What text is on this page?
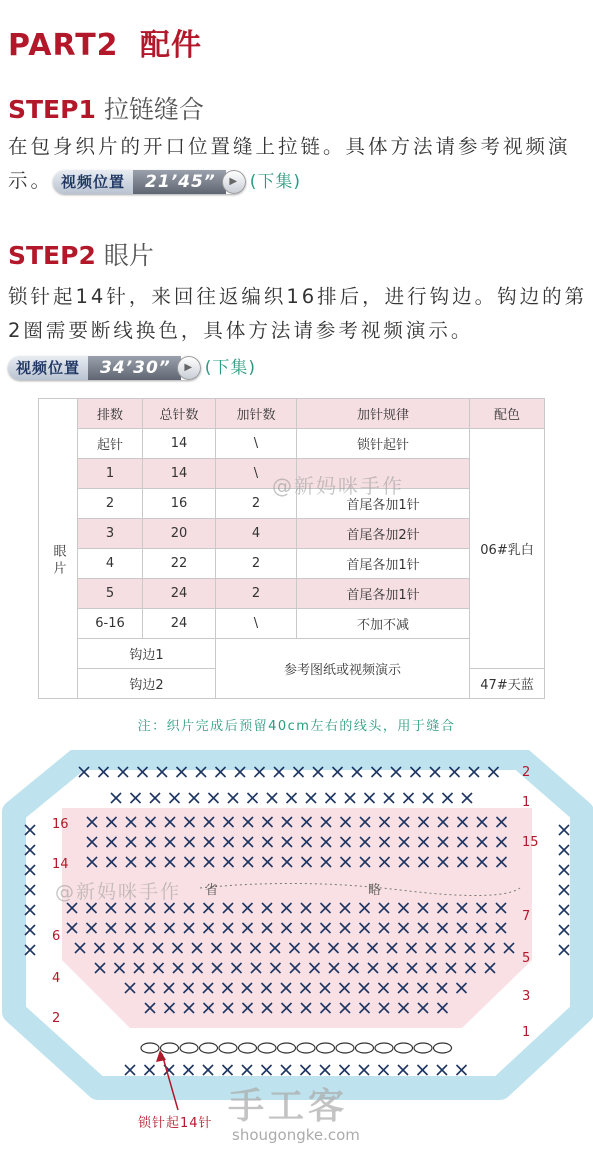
PART2 配件
STEP1 拉链缝合
在包身织片的开口位置缝上拉链。具体方法请参考视频演示。 视频位置	21’45”	▶ (下集)
STEP2 眼片
锁针起14针，来回往返编织16排后，进行钩边。钩边的第2圈需要断线换色，具体方法请参考视频演示。
视频位置	34’30”	▶ (下集)
	排数	总针数	加针数	加针规律	配色
眼片	起针	14	\	锁针起针	06#乳白
	1	14	\		
	2	16	2	首尾各加1针	
	3	20	4	首尾各加2针	
	4	22	2	首尾各加1针	
	5	24	2	首尾各加1针	
	6-16	24	\	不加不减	
	钩边1		参考图纸或视频演示		
	钩边2				47#天蓝
@新妈咪手作
注：织片完成后预留40cm左右的线头，用于缝合
省	略
16
14
6
4
2
2
1
15
7
5
3
1
@新妈咪手作
手工客
shougongke.com
锁针起14针
